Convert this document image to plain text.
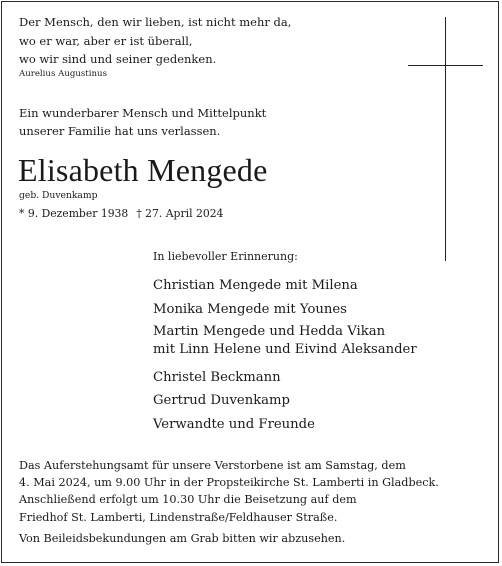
Der Mensch, den wir lieben, ist nicht mehr da,
wo er war, aber er ist überall,
wo wir sind und seiner gedenken.
Aurelius Augustinus
Ein wunderbarer Mensch und Mittelpunkt
unserer Familie hat uns verlassen.
Elisabeth Mengede
geb. Duvenkamp
* 9. Dezember 1938 † 27. April 2024
In liebevoller Erinnerung:
Christian Mengede mit Milena
Monika Mengede mit Younes
Martin Mengede und Hedda Vikan
mit Linn Helene und Eivind Aleksander
Christel Beckmann
Gertrud Duvenkamp
Verwandte und Freunde
Das Auferstehungsamt für unsere Verstorbene ist am Samstag, dem
4. Mai 2024, um 9.00 Uhr in der Propsteikirche St. Lamberti in Gladbeck.
Anschließend erfolgt um 10.30 Uhr die Beisetzung auf dem
Friedhof St. Lamberti, Lindenstraße/Feldhauser Straße.
Von Beileidsbekundungen am Grab bitten wir abzusehen.
